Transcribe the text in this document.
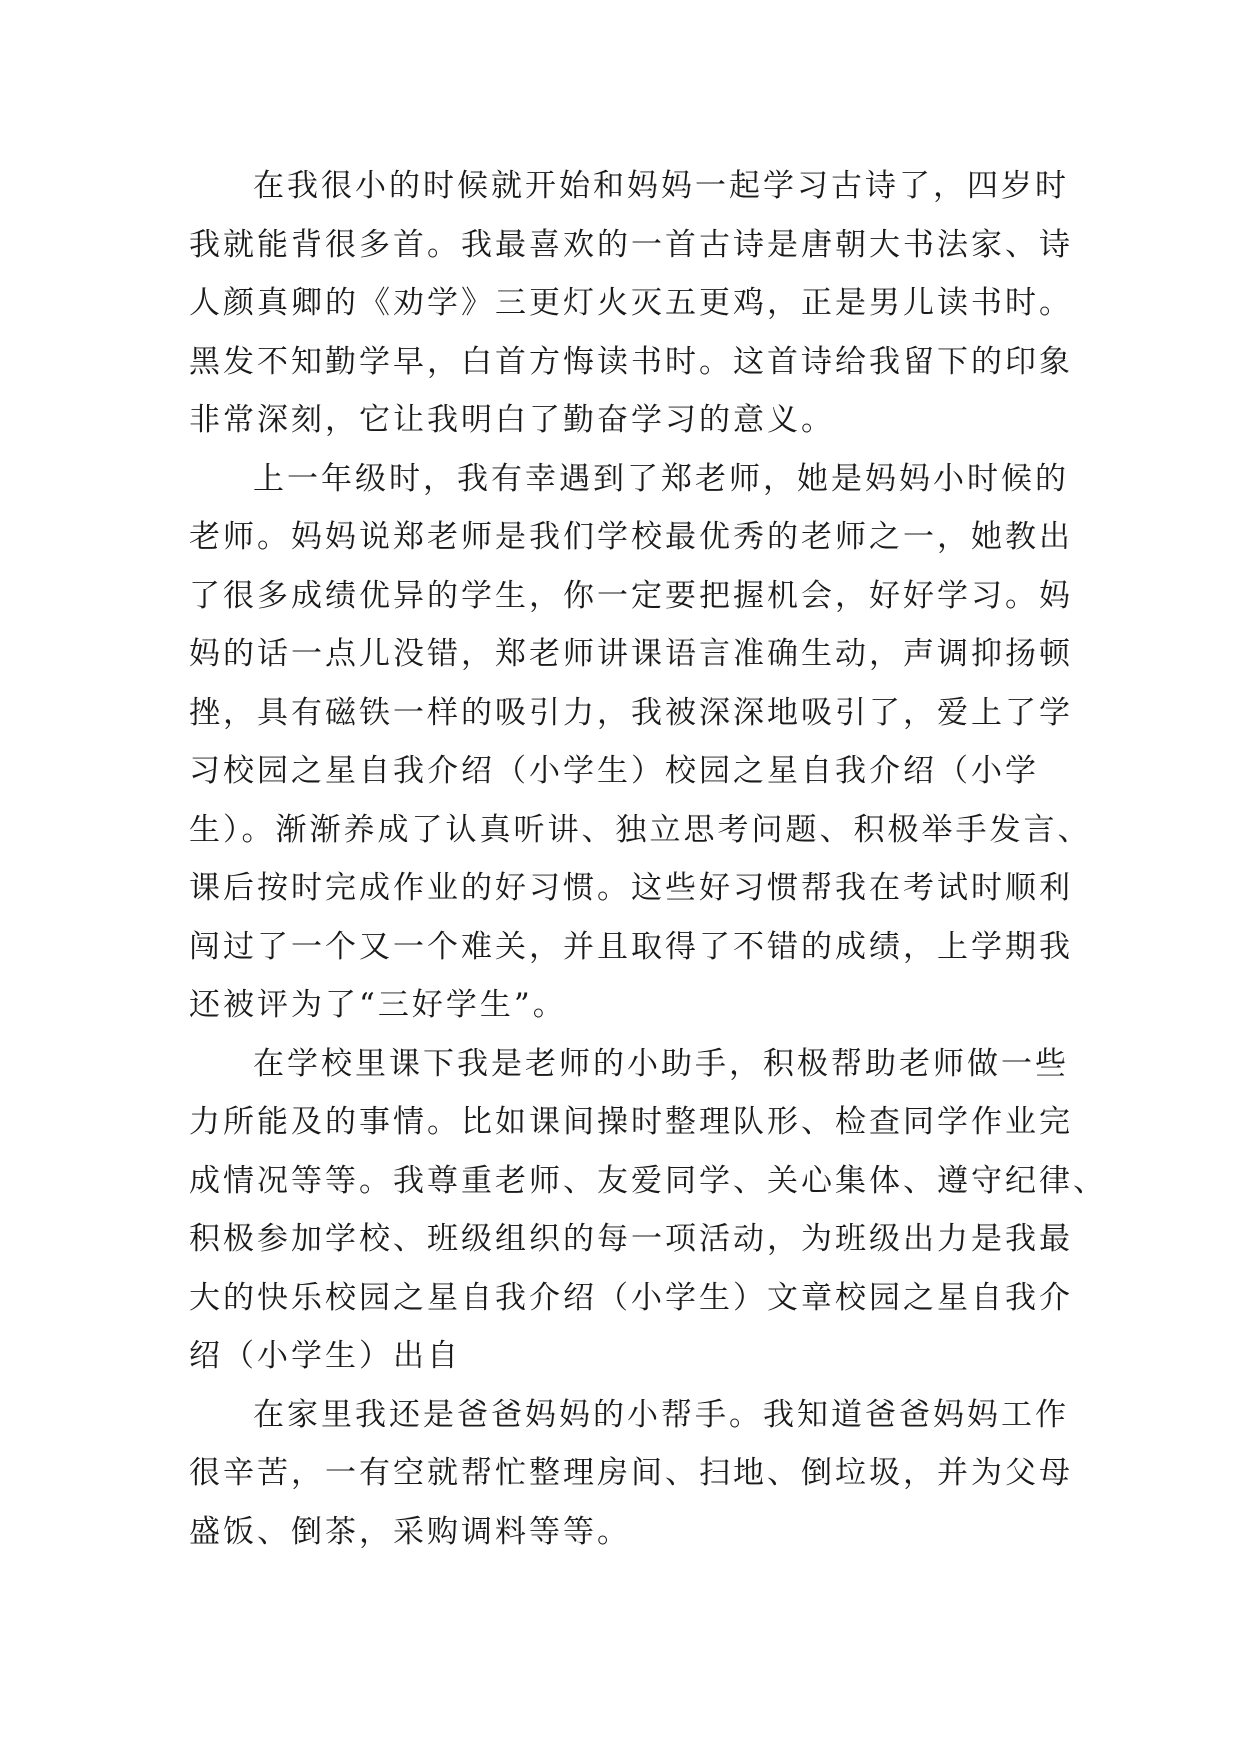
在我很小的时候就开始和妈妈一起学习古诗了，四岁时
我就能背很多首。我最喜欢的一首古诗是唐朝大书法家、诗
人颜真卿的《劝学》三更灯火灭五更鸡，正是男儿读书时。
黑发不知勤学早，白首方悔读书时。这首诗给我留下的印象
非常深刻，它让我明白了勤奋学习的意义。
上一年级时，我有幸遇到了郑老师，她是妈妈小时候的
老师。妈妈说郑老师是我们学校最优秀的老师之一，她教出
了很多成绩优异的学生，你一定要把握机会，好好学习。妈
妈的话一点儿没错，郑老师讲课语言准确生动，声调抑扬顿
挫，具有磁铁一样的吸引力，我被深深地吸引了，爱上了学
习校园之星自我介绍（小学生）校园之星自我介绍（小学
生）。渐渐养成了认真听讲、独立思考问题、积极举手发言、
课后按时完成作业的好习惯。这些好习惯帮我在考试时顺利
闯过了一个又一个难关，并且取得了不错的成绩，上学期我
还被评为了“三好学生”。
在学校里课下我是老师的小助手，积极帮助老师做一些
力所能及的事情。比如课间操时整理队形、检查同学作业完
成情况等等。我尊重老师、友爱同学、关心集体、遵守纪律、
积极参加学校、班级组织的每一项活动，为班级出力是我最
大的快乐校园之星自我介绍（小学生）文章校园之星自我介
绍（小学生）出自
在家里我还是爸爸妈妈的小帮手。我知道爸爸妈妈工作
很辛苦，一有空就帮忙整理房间、扫地、倒垃圾，并为父母
盛饭、倒茶，采购调料等等。
